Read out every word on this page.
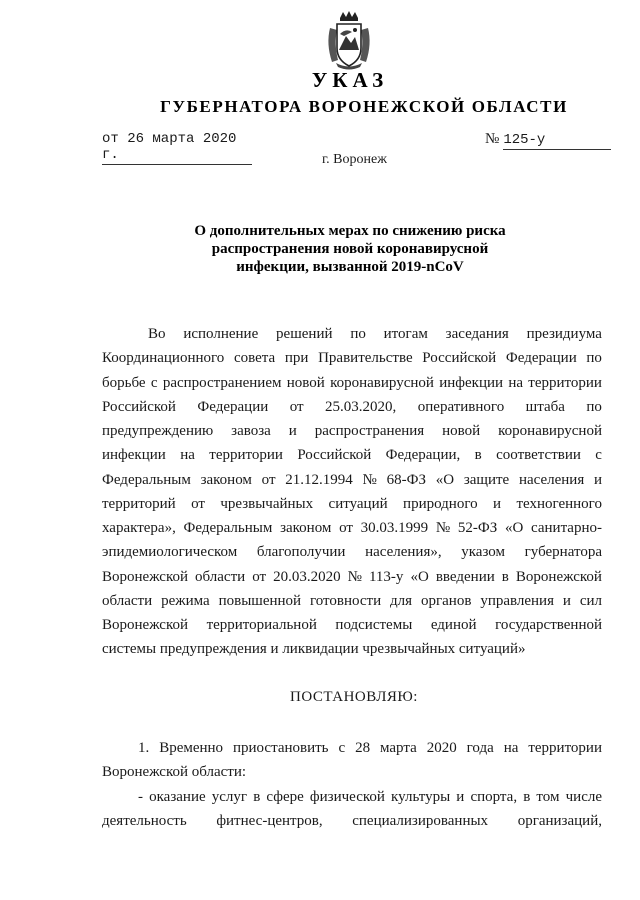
УКАЗ
ГУБЕРНАТОРА ВОРОНЕЖСКОЙ ОБЛАСТИ
от 26 марта 2020 г.
№ 125-у
г. Воронеж
О дополнительных мерах по снижению риска
распространения новой коронавирусной
инфекции, вызванной 2019-nCoV
Во исполнение решений по итогам заседания президиума
Координационного совета при Правительстве Российской Федерации по
борьбе с распространением новой коронавирусной инфекции на территории
Российской Федерации от 25.03.2020, оперативного штаба по
предупреждению завоза и распространения новой коронавирусной
инфекции на территории Российской Федерации, в соответствии с
Федеральным законом от 21.12.1994 № 68-ФЗ «О защите населения и
территорий от чрезвычайных ситуаций природного и техногенного
характера», Федеральным законом от 30.03.1999 № 52-ФЗ «О санитарно-
эпидемиологическом благополучии населения», указом губернатора
Воронежской области от 20.03.2020 № 113-у «О введении в Воронежской
области режима повышенной готовности для органов управления и сил
Воронежской территориальной подсистемы единой государственной
системы предупреждения и ликвидации чрезвычайных ситуаций»
ПОСТАНОВЛЯЮ:
1. Временно приостановить с 28 марта 2020 года на территории
Воронежской области:
- оказание услуг в сфере физической культуры и спорта, в том числе
деятельность фитнес-центров, специализированных организаций,
